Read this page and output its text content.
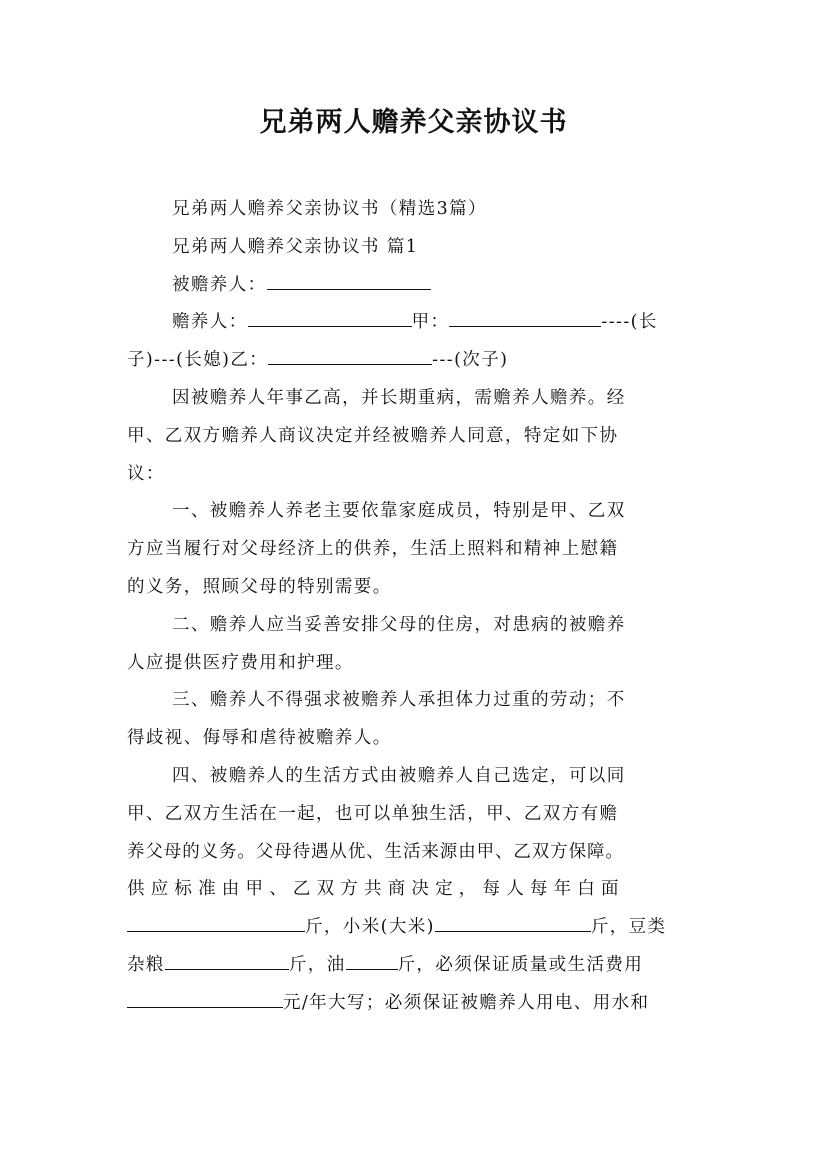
兄弟两人赡养父亲协议书
兄弟两人赡养父亲协议书（精选3篇）
兄弟两人赡养父亲协议书 篇1
被赡养人：
赡养人：	甲：	----(长
子)---(长媳)乙：	---(次子)
因被赡养人年事乙高，并长期重病，需赡养人赡养。经
甲、乙双方赡养人商议决定并经被赡养人同意，特定如下协
议：
一、被赡养人养老主要依靠家庭成员，特别是甲、乙双
方应当履行对父母经济上的供养，生活上照料和精神上慰籍
的义务，照顾父母的特别需要。
二、赡养人应当妥善安排父母的住房，对患病的被赡养
人应提供医疗费用和护理。
三、赡养人不得强求被赡养人承担体力过重的劳动；不
得歧视、侮辱和虐待被赡养人。
四、被赡养人的生活方式由被赡养人自己选定，可以同
甲、乙双方生活在一起，也可以单独生活，甲、乙双方有赡
养父母的义务。父母待遇从优、生活来源由甲、乙双方保障。
供应标准由甲、乙双方共商决定，每人每年白面
斤，小米(大米)	斤，豆类
杂粮	斤，油	斤，必须保证质量或生活费用
元/年大写；必须保证被赡养人用电、用水和
